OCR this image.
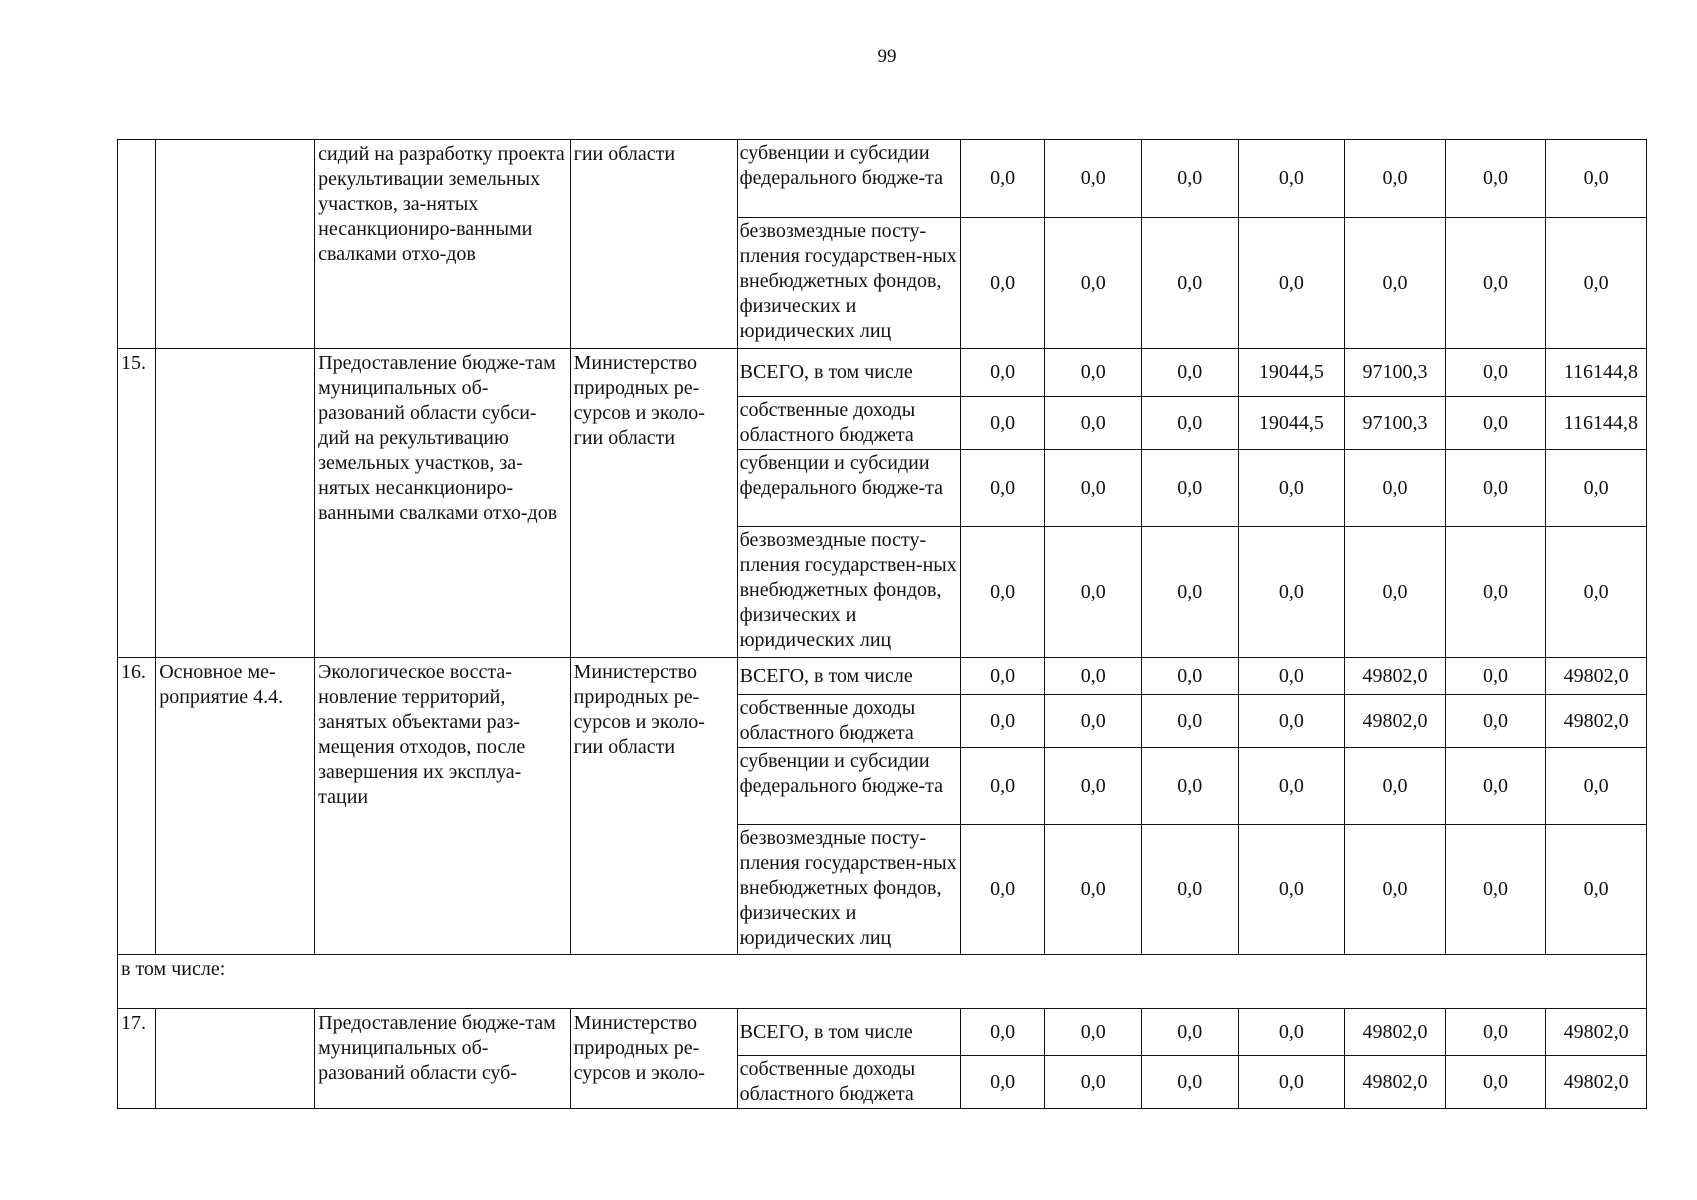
99
		сидий на разработку проекта рекультивации земельных участков, за-нятых несанкциониро-ванными свалками отхо-дов	гии области	субвенции и субсидии федерального бюдже-та	0,0	0,0	0,0	0,0	0,0	0,0	0,0
				безвозмездные посту-пления государствен-ных внебюджетных фондов, физических и юридических лиц	0,0	0,0	0,0	0,0	0,0	0,0	0,0
15.		Предоставление бюдже-там муниципальных об-разований области субси-дий на рекультивацию земельных участков, за-нятых несанкциониро-ванными свалками отхо-дов	Министерство природных ре-сурсов и эколо-гии области	ВСЕГО, в том числе	0,0	0,0	0,0	19044,5	97100,3	0,0	116144,8
				собственные доходы областного бюджета	0,0	0,0	0,0	19044,5	97100,3	0,0	116144,8
				субвенции и субсидии федерального бюдже-та	0,0	0,0	0,0	0,0	0,0	0,0	0,0
				безвозмездные посту-пления государствен-ных внебюджетных фондов, физических и юридических лиц	0,0	0,0	0,0	0,0	0,0	0,0	0,0
16.	Основное ме-роприятие 4.4.	Экологическое восста-новление территорий, занятых объектами раз-мещения отходов, после завершения их эксплуа-тации	Министерство природных ре-сурсов и эколо-гии области	ВСЕГО, в том числе	0,0	0,0	0,0	0,0	49802,0	0,0	49802,0
				собственные доходы областного бюджета	0,0	0,0	0,0	0,0	49802,0	0,0	49802,0
				субвенции и субсидии федерального бюдже-та	0,0	0,0	0,0	0,0	0,0	0,0	0,0
				безвозмездные посту-пления государствен-ных внебюджетных фондов, физических и юридических лиц	0,0	0,0	0,0	0,0	0,0	0,0	0,0
в том числе:											
17.		Предоставление бюдже-там муниципальных об-разований области суб-	Министерство природных ре-сурсов и эколо-	ВСЕГО, в том числе	0,0	0,0	0,0	0,0	49802,0	0,0	49802,0
				собственные доходы областного бюджета	0,0	0,0	0,0	0,0	49802,0	0,0	49802,0
